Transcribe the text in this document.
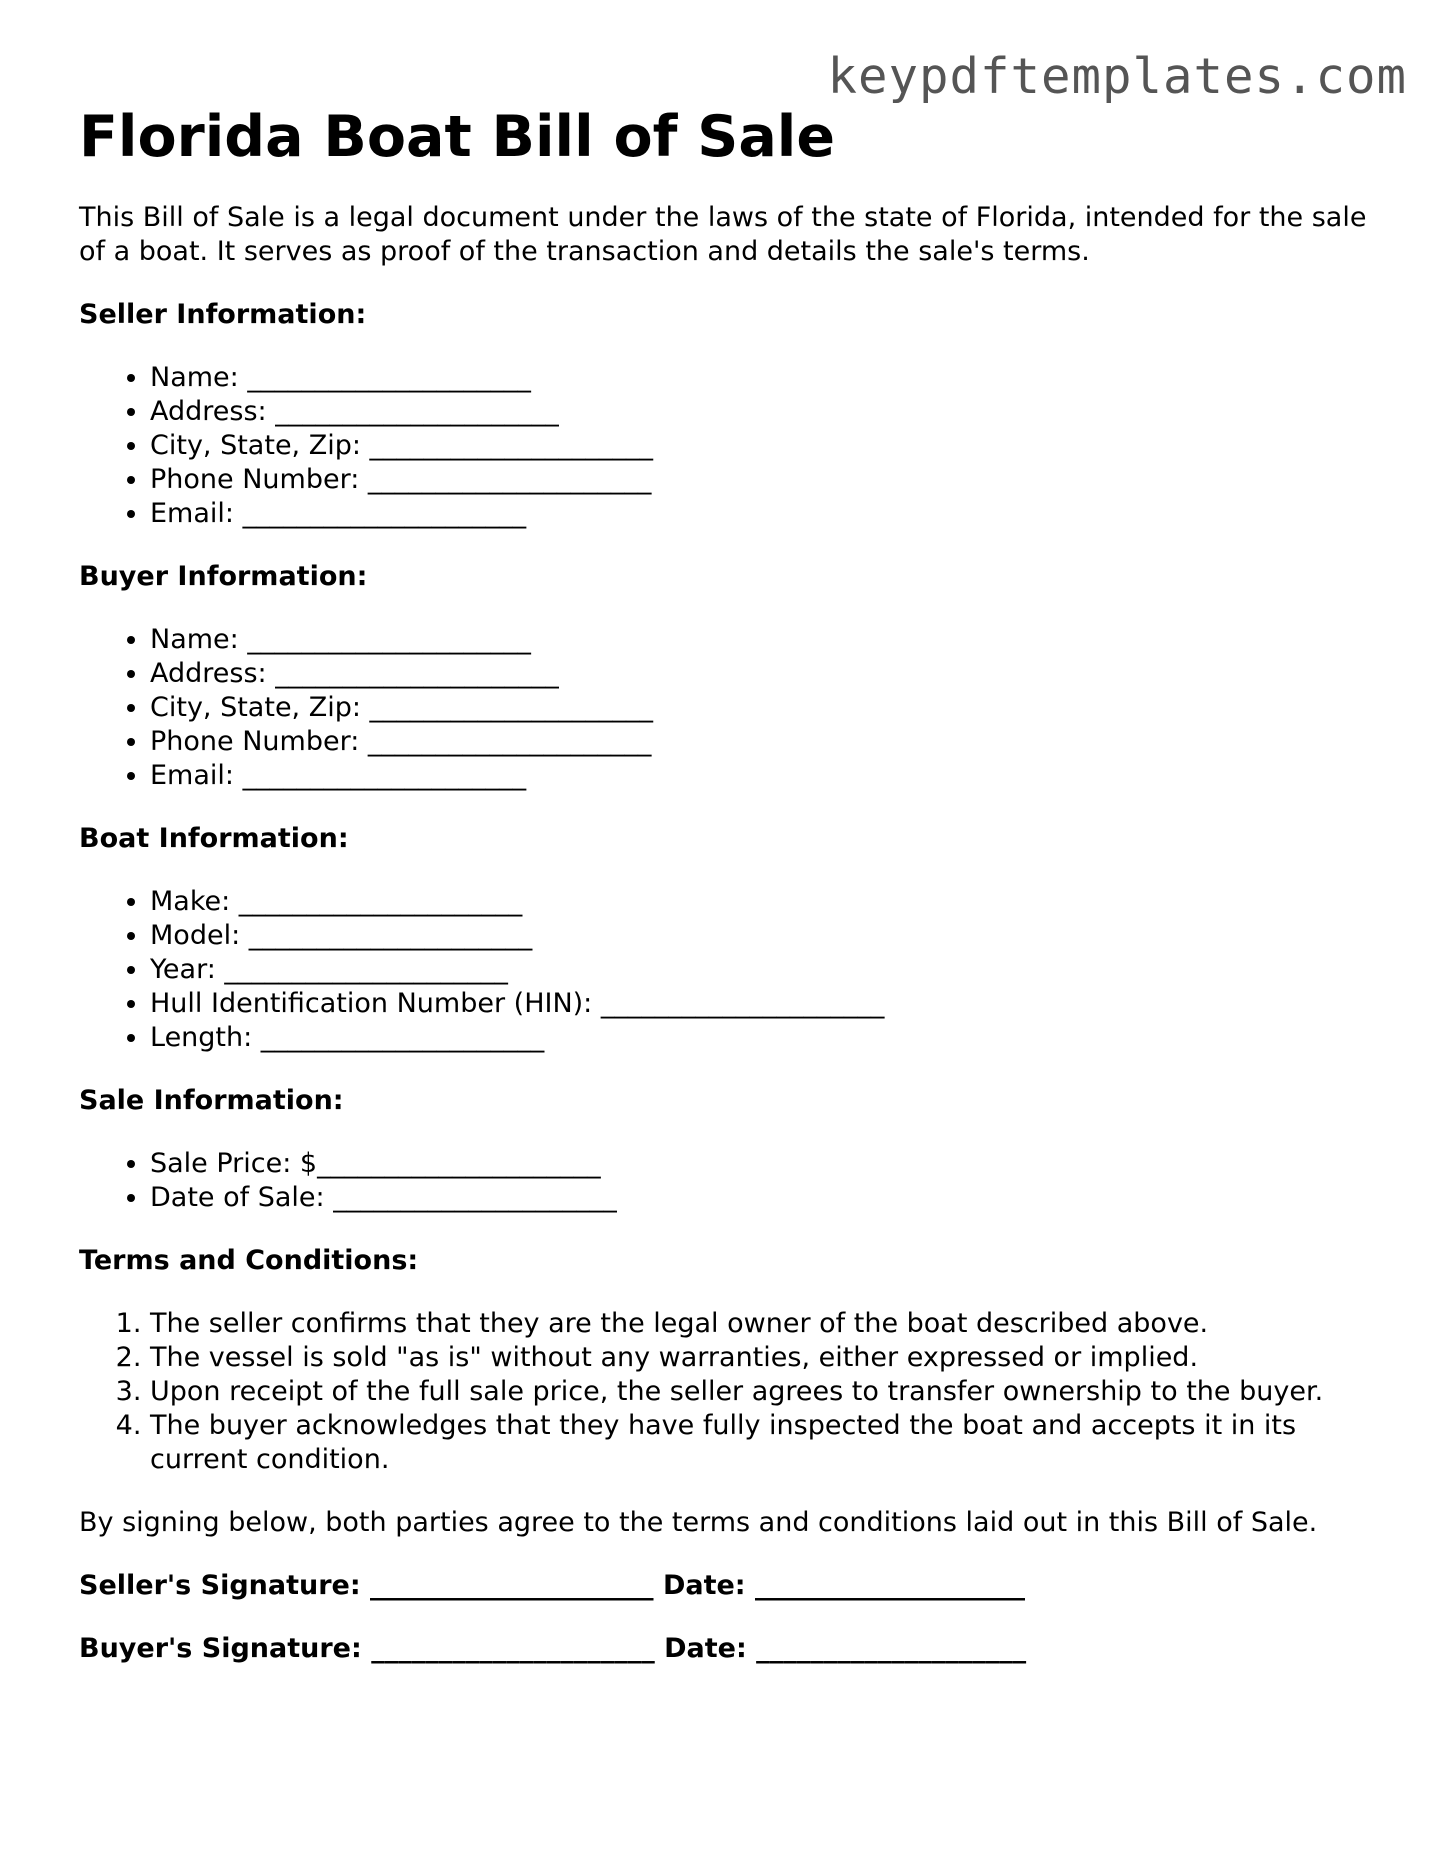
keypdftemplates.com
Florida Boat Bill of Sale

This Bill of Sale is a legal document under the laws of the state of Florida, intended for the sale of a boat. It serves as proof of the transaction and details the sale's terms.

Seller Information:
• Name: _____________________
• Address: _____________________
• City, State, Zip: _____________________
• Phone Number: _____________________
• Email: _____________________
Buyer Information:
• Name: _____________________
• Address: _____________________
• City, State, Zip: _____________________
• Phone Number: _____________________
• Email: _____________________
Boat Information:
• Make: _____________________
• Model: _____________________
• Year: _____________________
• Hull Identification Number (HIN): _____________________
• Length: _____________________
Sale Information:
• Sale Price: $_____________________
• Date of Sale: _____________________
Terms and Conditions:
1. The seller confirms that they are the legal owner of the boat described above.
2. The vessel is sold "as is" without any warranties, either expressed or implied.
3. Upon receipt of the full sale price, the seller agrees to transfer ownership to the buyer.
4. The buyer acknowledges that they have fully inspected the boat and accepts it in its current condition.

By signing below, both parties agree to the terms and conditions laid out in this Bill of Sale.

Seller's Signature: _____________________ Date: ____________________

Buyer's Signature: _____________________ Date: ____________________
